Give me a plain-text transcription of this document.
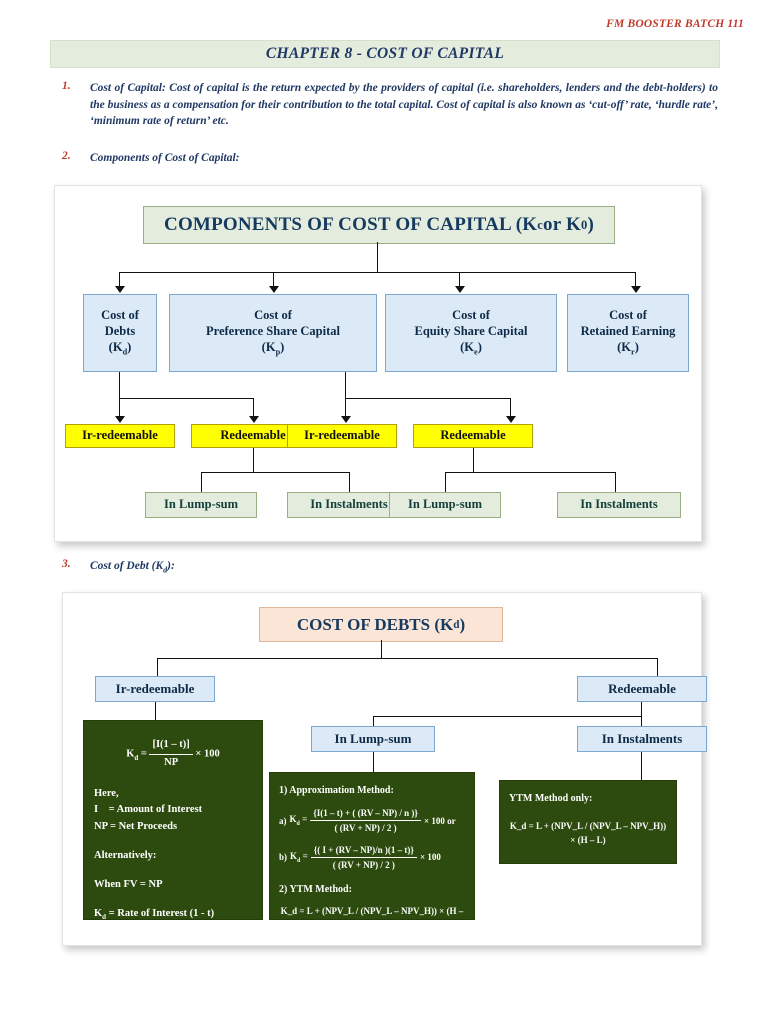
FM BOOSTER BATCH 111
CHAPTER 8 - COST OF CAPITAL
1.	Cost of Capital: Cost of capital is the return expected by the providers of capital (i.e. shareholders, lenders and the debt-holders) to the business as a compensation for their contribution to the total capital. Cost of capital is also known as ‘cut-off’ rate, ‘hurdle rate’, ‘minimum rate of return’ etc.
2.	Components of Cost of Capital:
COMPONENTS OF COST OF CAPITAL (K c or K 0 )
Cost of
Debts
$(K_d)$
Cost of
Preference Share Capital
$(K_p)$
Cost of
Equity Share Capital
$(K_e)$
Cost of
Retained Earning
$(K_r)$
Ir-redeemable	Redeemable	Ir-redeemable	Redeemable
In Lump-sum	In Instalments	In Lump-sum	In Instalments
3.	Cost of Debt $(K_d)$:
COST OF DEBTS (K d )
Ir-redeemable	Redeemable
In Lump-sum	In Instalments
$K_d = \frac{[I(1 - t)]}{NP} \times 100$
Here,
I    = Amount of Interest
NP = Net Proceeds
Alternatively:
When FV = NP
$K_d$ = Rate of Interest (1 - t)
1) Approximation Method:
a) $K_d = \frac{\{I(1 - t) + ( (RV - NP) / n )\}}{( (RV + NP) / 2 )} \times 100$ or
b) $K_d = \frac{\{( I + (RV - NP)/n )(1 - t)\}}{( (RV + NP) / 2 )} \times 100$
2) YTM Method:
K_d = L + (NPV_L / (NPV_L – NPV_H)) × (H – L)
YTM Method only:
K_d = L + (NPV_L / (NPV_L – NPV_H)) × (H – L)
